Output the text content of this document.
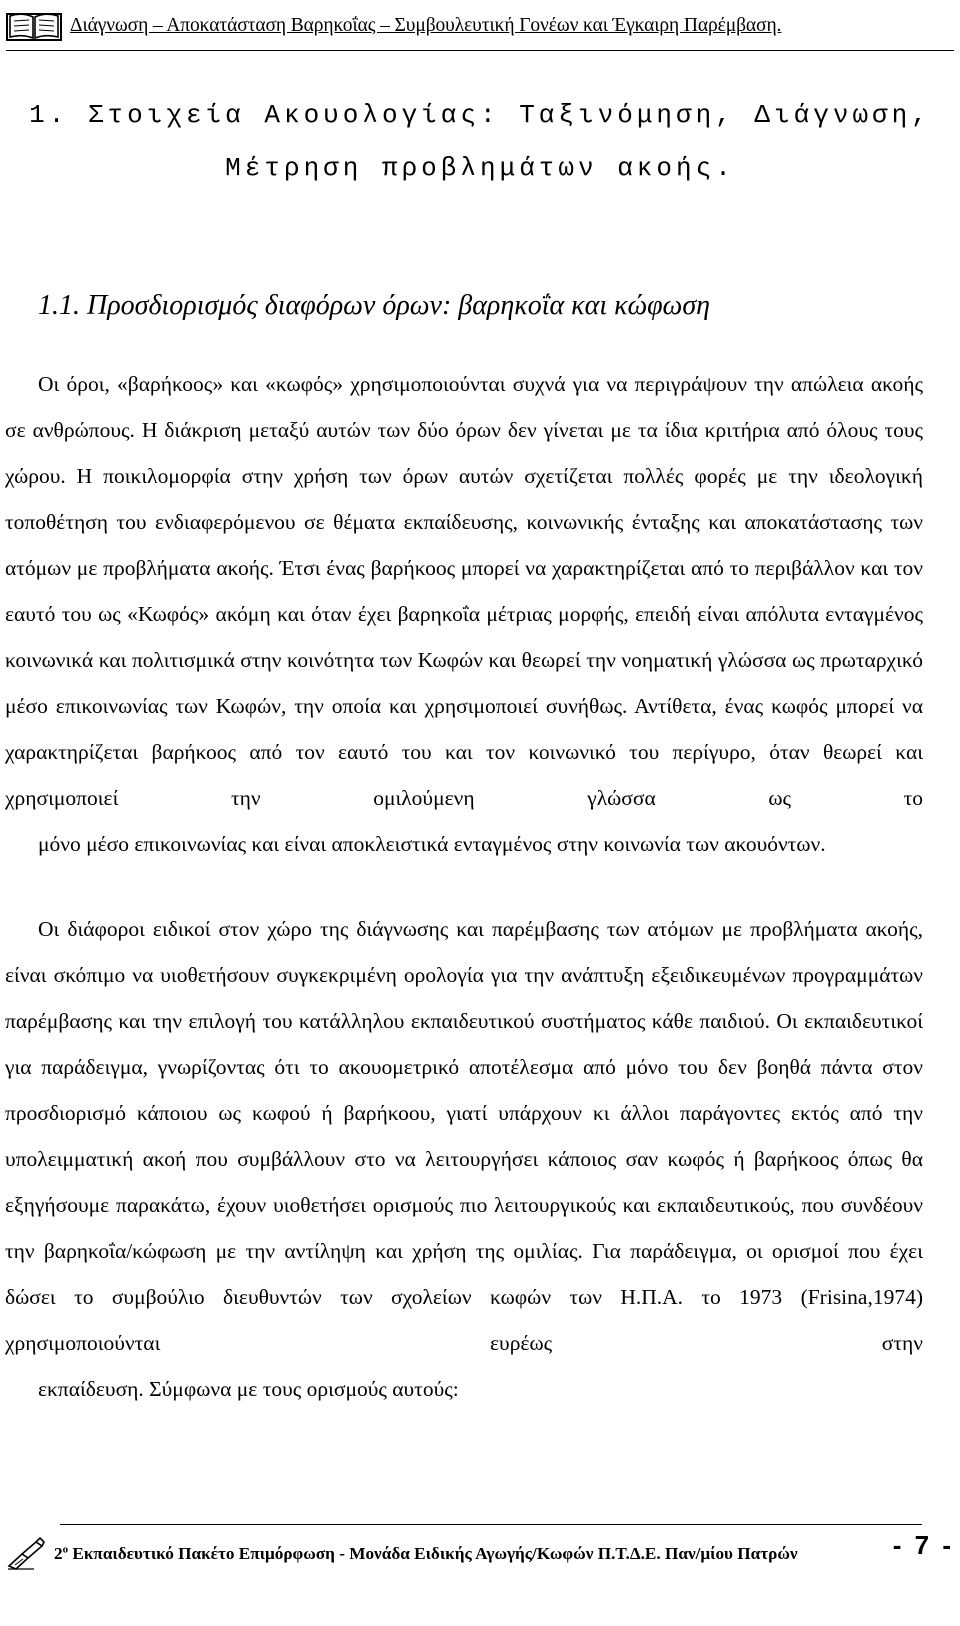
Διάγνωση – Αποκατάσταση Βαρηκοΐας – Συμβουλευτική Γονέων και Έγκαιρη Παρέμβαση.
1. Στοιχεία Ακουολογίας: Ταξινόμηση, Διάγνωση,
Μέτρηση προβλημάτων ακοής.
1.1. Προσδιορισμός διαφόρων όρων: βαρηκοΐα και κώφωση

Οι όροι, «βαρήκοος» και «κωφός» χρησιμοποιούνται συχνά για να περιγράψουν την απώλεια ακοής σε ανθρώπους. Η διάκριση μεταξύ αυτών των δύο όρων δεν γίνεται με τα ίδια κριτήρια από όλους τους χώρου. Η ποικιλομορφία στην χρήση των όρων αυτών σχετίζεται πολλές φορές με την ιδεολογική τοποθέτηση του ενδιαφερόμενου σε θέματα εκπαίδευσης, κοινωνικής ένταξης και αποκατάστασης των ατόμων με προβλήματα ακοής. Έτσι ένας βαρήκοος μπορεί να χαρακτηρίζεται από το περιβάλλον και τον εαυτό του ως «Κωφός» ακόμη και όταν έχει βαρηκοΐα μέτριας μορφής, επειδή είναι απόλυτα ενταγμένος κοινωνικά και πολιτισμικά στην κοινότητα των Κωφών και θεωρεί την νοηματική γλώσσα ως πρωταρχικό μέσο επικοινωνίας των Κωφών, την οποία και χρησιμοποιεί συνήθως. Αντίθετα, ένας κωφός μπορεί να χαρακτηρίζεται βαρήκοος από τον εαυτό του και τον κοινωνικό του περίγυρο, όταν θεωρεί και χρησιμοποιεί την ομιλούμενη γλώσσα ως το
μόνο μέσο επικοινωνίας και είναι αποκλειστικά ενταγμένος στην κοινωνία των ακουόντων.

Οι διάφοροι ειδικοί στον χώρο της διάγνωσης και παρέμβασης των ατόμων με προβλήματα ακοής, είναι σκόπιμο να υιοθετήσουν συγκεκριμένη ορολογία για την ανάπτυξη εξειδικευμένων προγραμμάτων παρέμβασης και την επιλογή του κατάλληλου εκπαιδευτικού συστήματος κάθε παιδιού. Οι εκπαιδευτικοί για παράδειγμα, γνωρίζοντας ότι το ακουομετρικό αποτέλεσμα από μόνο του δεν βοηθά πάντα στον προσδιορισμό κάποιου ως κωφού ή βαρήκοου, γιατί υπάρχουν κι άλλοι παράγοντες εκτός από την υπολειμματική ακοή που συμβάλλουν στο να λειτουργήσει κάποιος σαν κωφός ή βαρήκοος όπως θα εξηγήσουμε παρακάτω, έχουν υιοθετήσει ορισμούς πιο λειτουργικούς και εκπαιδευτικούς, που συνδέουν την βαρηκοΐα/κώφωση με την αντίληψη και χρήση της ομιλίας. Για παράδειγμα, οι ορισμοί που έχει δώσει το συμβούλιο διευθυντών των σχολείων κωφών των Η.Π.Α. το 1973 (Frisina,1974) χρησιμοποιούνται ευρέως στην
εκπαίδευση. Σύμφωνα με τους ορισμούς αυτούς:

$2^o$ Εκπαιδευτικό Πακέτο Επιμόρφωση - Μονάδα Ειδικής Αγωγής/Κωφών Π.Τ.Δ.Ε. Παν/μίου Πατρών	- 7 -
